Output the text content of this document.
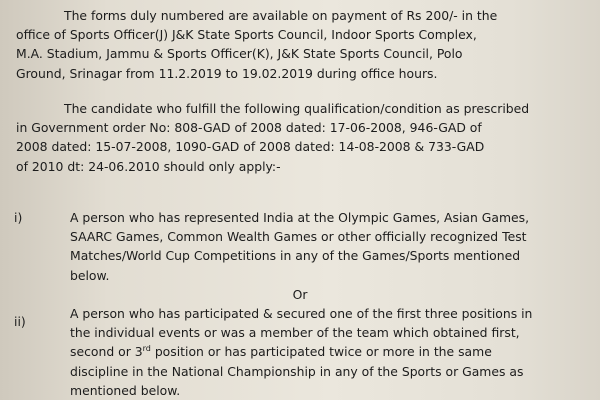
The forms duly numbered are available on payment of Rs 200/- in the
office of Sports Officer(J) J&K State Sports Council, Indoor Sports Complex,
M.A. Stadium, Jammu & Sports Officer(K), J&K State Sports Council, Polo
Ground, Srinagar from 11.2.2019 to 19.02.2019 during office hours.
The candidate who fulfill the following qualification/condition as prescribed
in Government order No: 808-GAD of 2008 dated: 17-06-2008, 946-GAD of
2008 dated: 15-07-2008, 1090-GAD of 2008 dated: 14-08-2008 & 733-GAD
of 2010 dt: 24-06.2010 should only apply:-
i)	A person who has represented India at the Olympic Games, Asian Games,
SAARC Games, Common Wealth Games or other officially recognized Test
Matches/World Cup Competitions in any of the Games/Sports mentioned
below.
Or
ii)
A person who has participated & secured one of the first three positions in
the individual events or was a member of the team which obtained first,
second or 3rd position or has participated twice or more in the same
discipline in the National Championship in any of the Sports or Games as
mentioned below.
